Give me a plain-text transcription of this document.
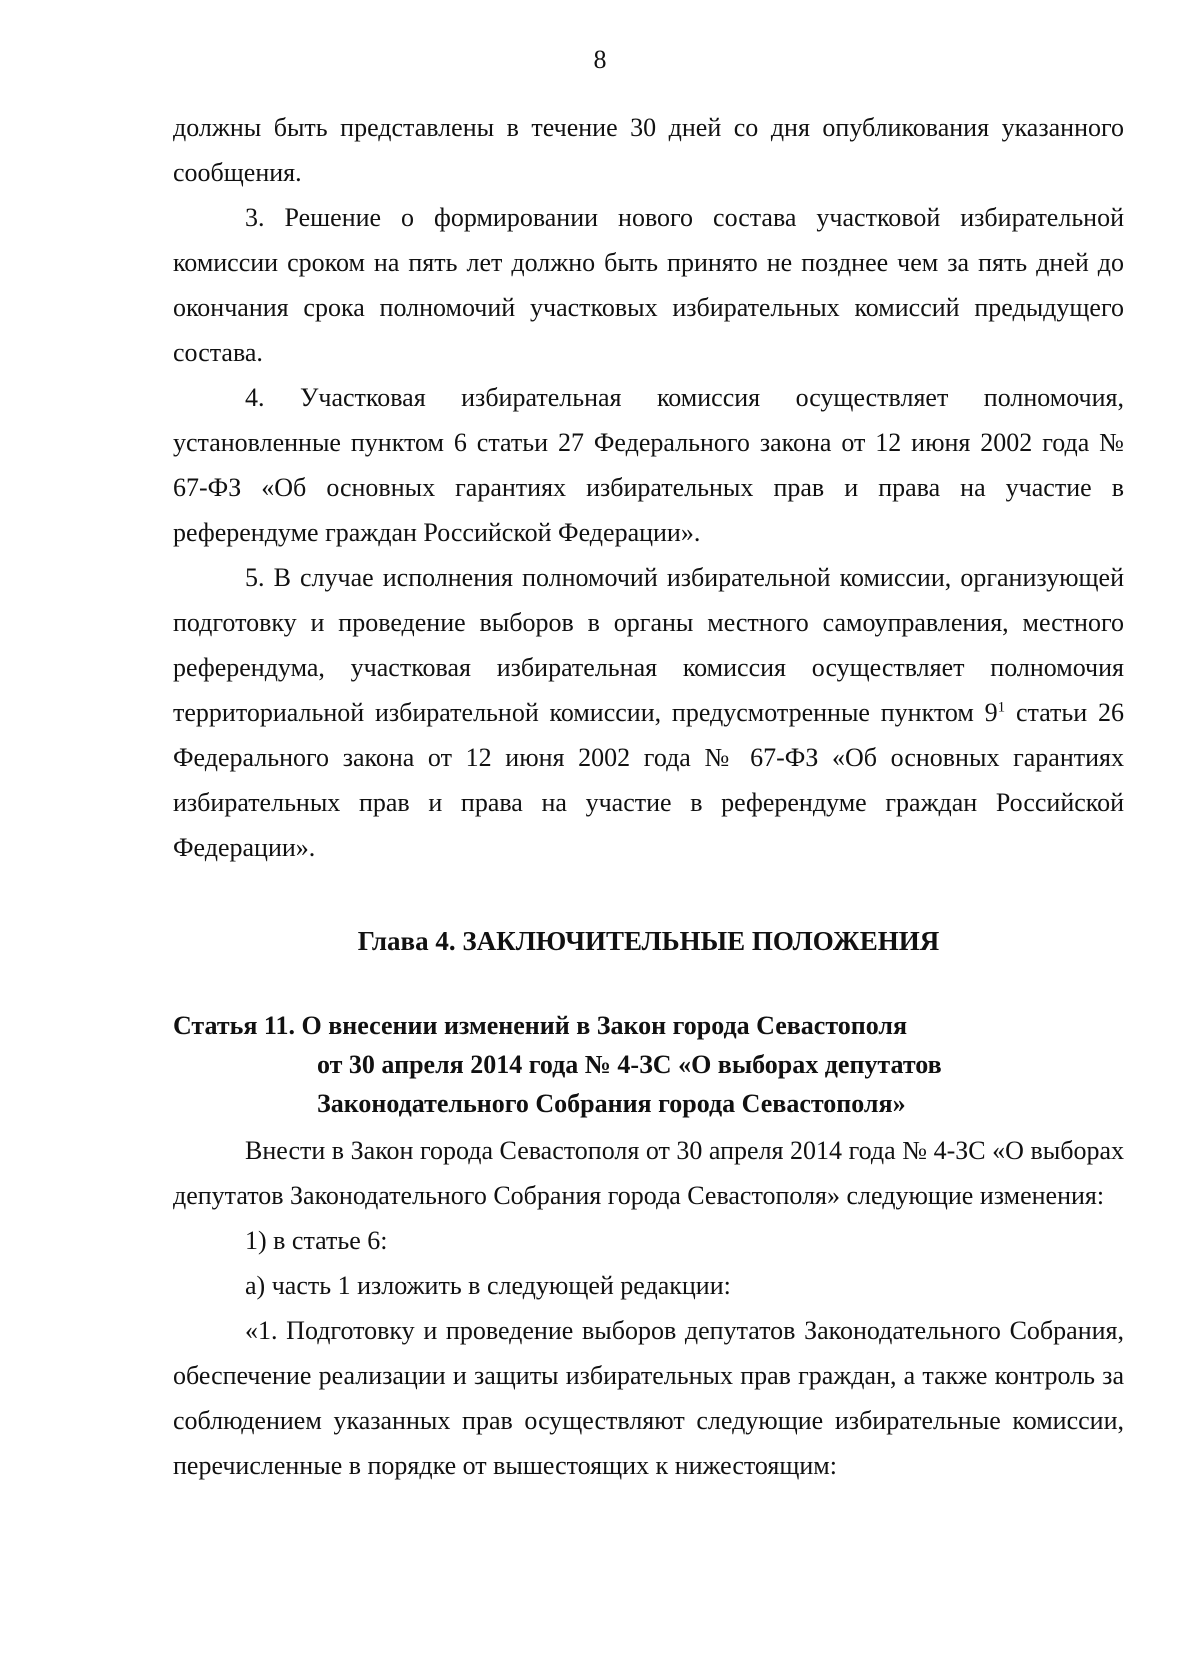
8

должны быть представлены в течение 30 дней со дня опубликования указанного сообщения.

3. Решение о формировании нового состава участковой избирательной комиссии сроком на пять лет должно быть принято не позднее чем за пять дней до окончания срока полномочий участковых избирательных комиссий предыдущего состава.

4. Участковая избирательная комиссия осуществляет полномочия, установленные пунктом 6 статьи 27 Федерального закона от 12 июня 2002 года № 67-ФЗ «Об основных гарантиях избирательных прав и права на участие в референдуме граждан Российской Федерации».

5. В случае исполнения полномочий избирательной комиссии, организующей подготовку и проведение выборов в органы местного самоуправления, местного референдума, участковая избирательная комиссия осуществляет полномочия территориальной избирательной комиссии, предусмотренные пунктом $9^1$ статьи 26 Федерального закона от 12 июня 2002 года № 67-ФЗ «Об основных гарантиях избирательных прав и права на участие в референдуме граждан Российской Федерации».

Глава 4. ЗАКЛЮЧИТЕЛЬНЫЕ ПОЛОЖЕНИЯ
Статья 11. О внесении изменений в Закон города Севастополя
от 30 апреля 2014 года № 4-ЗС «О выборах депутатов
Законодательного Собрания города Севастополя»

Внести в Закон города Севастополя от 30 апреля 2014 года № 4-ЗС «О выборах депутатов Законодательного Собрания города Севастополя» следующие изменения:

1) в статье 6:

а) часть 1 изложить в следующей редакции:

«1. Подготовку и проведение выборов депутатов Законодательного Собрания, обеспечение реализации и защиты избирательных прав граждан, а также контроль за соблюдением указанных прав осуществляют следующие избирательные комиссии, перечисленные в порядке от вышестоящих к нижестоящим:
